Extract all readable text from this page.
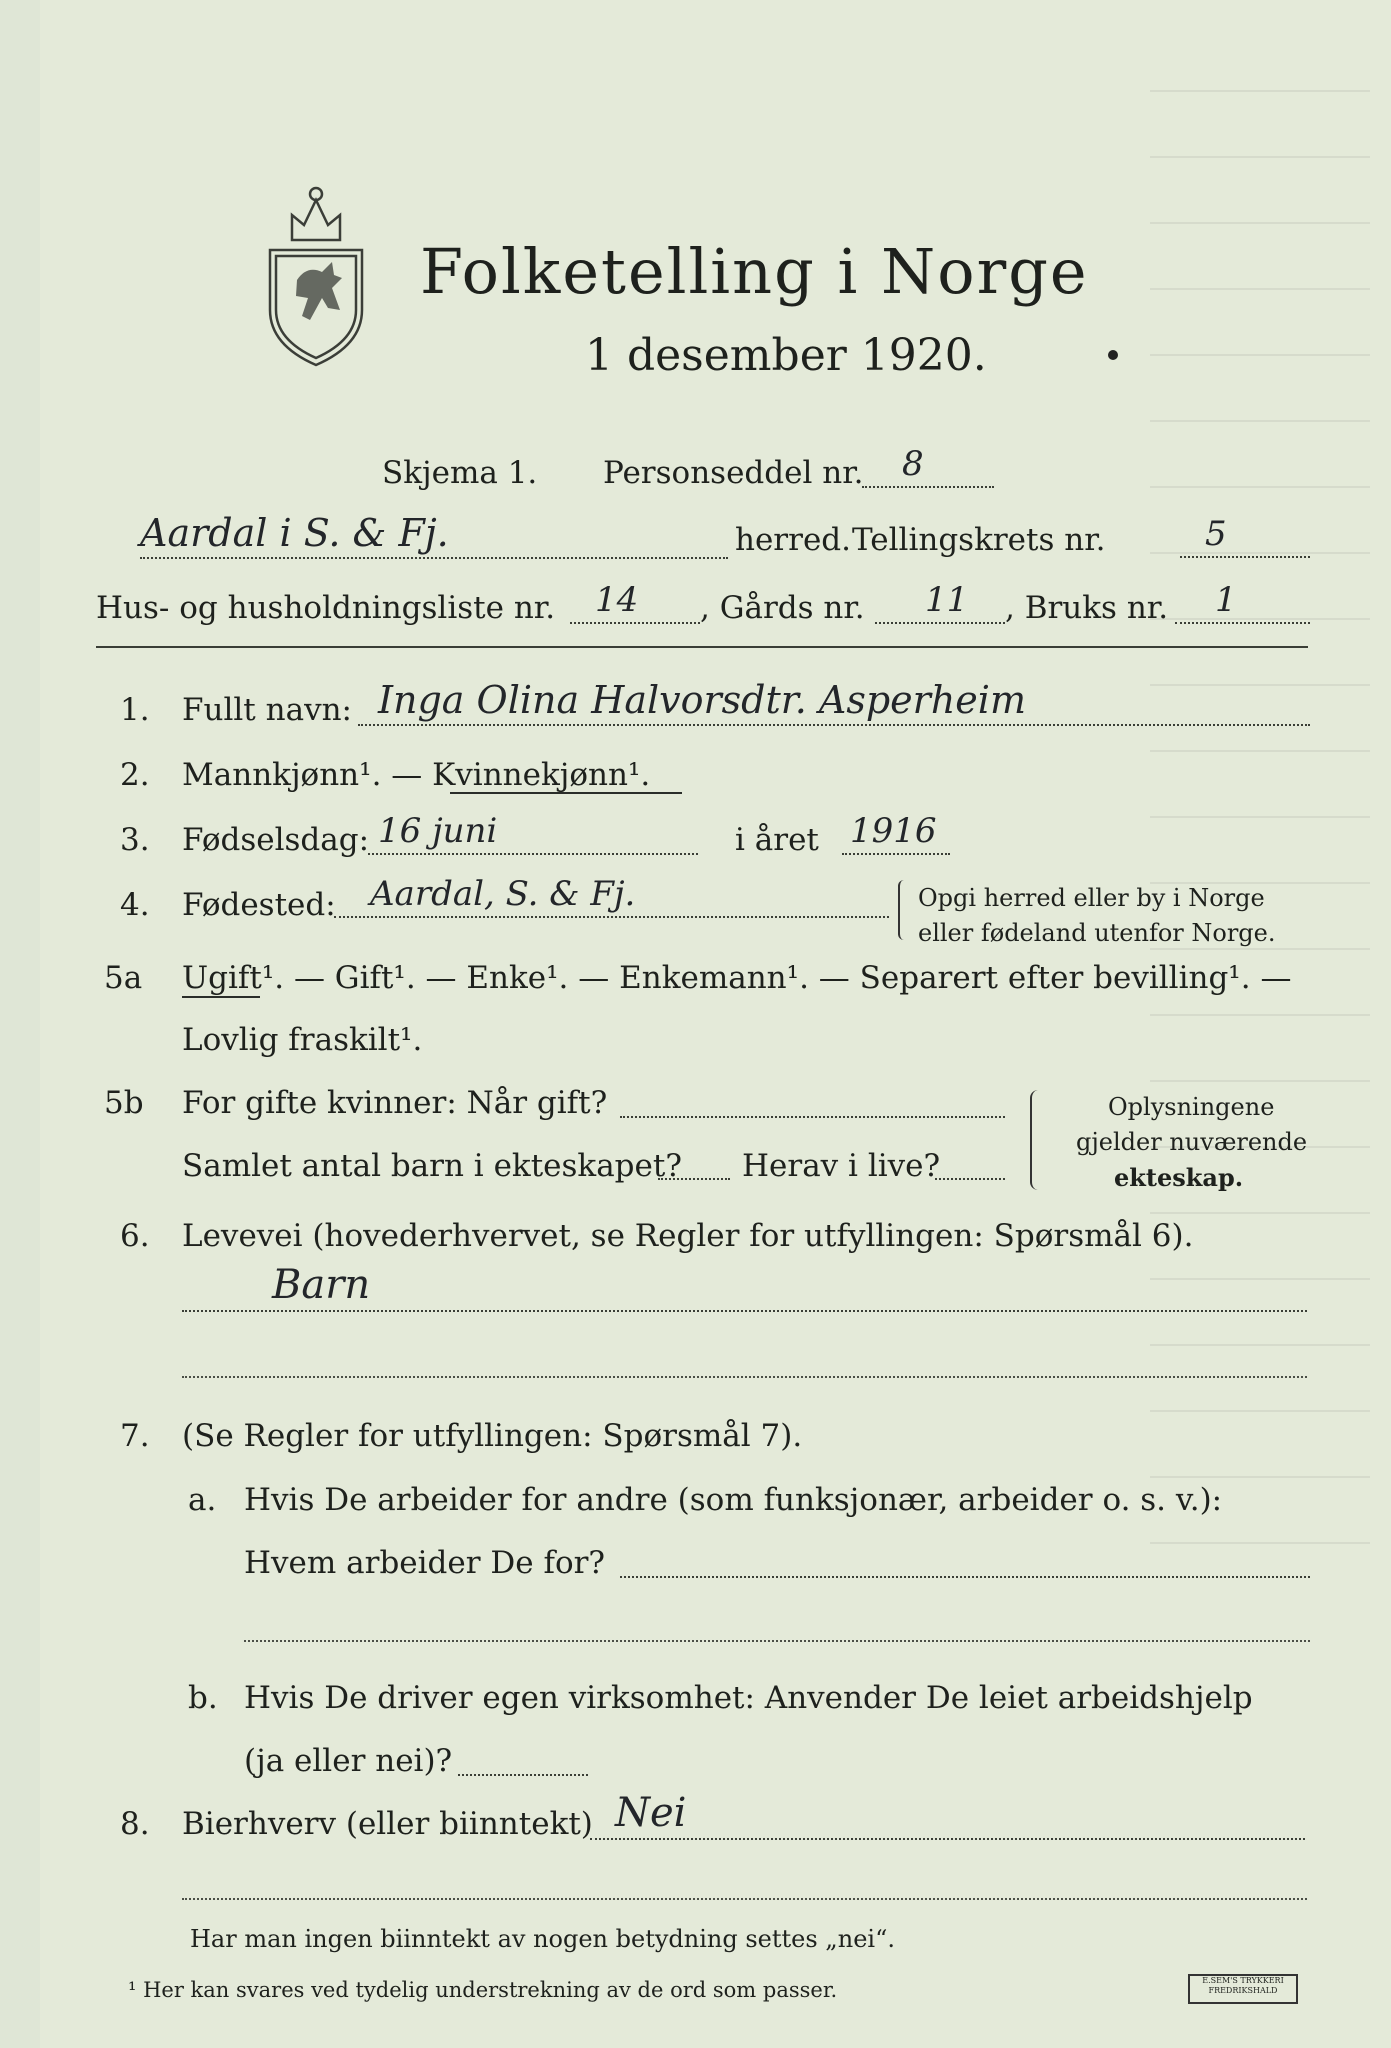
Folketelling i Norge
1 desember 1920.
Skjema 1. Personseddel nr. 8
Aardal i S. & Fj.	herred. Tellingskrets nr.	5
Hus- og husholdningsliste nr. 14 , Gårds nr. 11 , Bruks nr. 1
1. Fullt navn: Inga Olina Halvorsdtr. Asperheim
2. Mannkjønn¹. — Kvinnekjønn¹.
3. Fødselsdag: 16 juni	i året 1916
4. Fødested: Aardal, S. & Fj.	Opgi herred eller by i Norge
eller fødeland utenfor Norge.
5a Ugift¹. — Gift¹. — Enke¹. — Enkemann¹. — Separert efter bevilling¹. —
Lovlig fraskilt¹.
5b For gifte kvinner: Når gift?
Samlet antal barn i ekteskapet? Herav i live?
Oplysningene
gjelder nuværende
ekteskap.
6. Levevei (hovederhvervet, se Regler for utfyllingen: Spørsmål 6).
Barn
7. (Se Regler for utfyllingen: Spørsmål 7).
a. Hvis De arbeider for andre (som funksjonær, arbeider o. s. v.):
Hvem arbeider De for?
b. Hvis De driver egen virksomhet: Anvender De leiet arbeidshjelp
(ja eller nei)?
8. Bierhverv (eller biinntekt) Nei
Har man ingen biinntekt av nogen betydning settes „nei“.
¹ Her kan svares ved tydelig understrekning av de ord som passer.	E.SEM'S TRYKKERI FREDRIKSHALD
